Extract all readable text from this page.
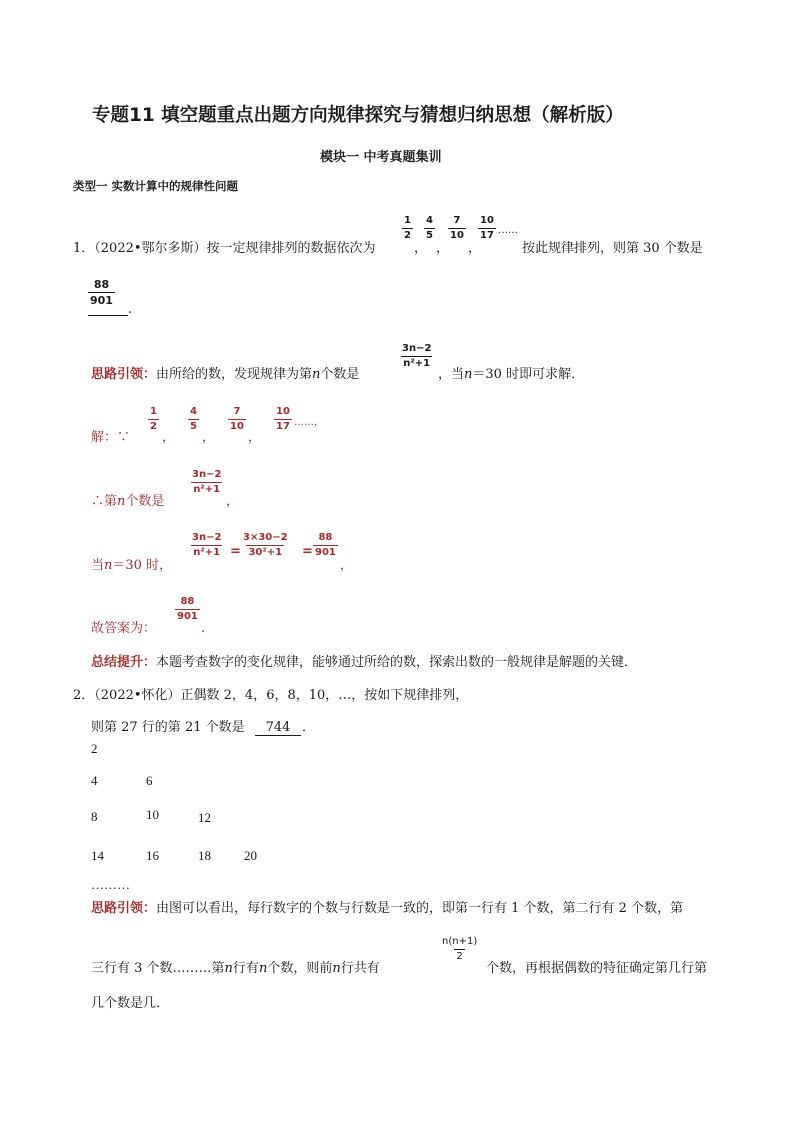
专题11 填空题重点出题方向规律探究与猜想归纳思想（解析版）
模块一 中考真题集训
类型一 实数计算中的规律性问题
1．（2022•鄂尔多斯）按一定规律排列的数据依次为
$\frac{1}{2}$
，
$\frac{4}{5}$
，
$\frac{7}{10}$
，
$\frac{10}{17}$ ……
按此规律排列，则第 30 个数是
$\frac{88}{901}$
.
思路引领：由所给的数，发现规律为第n个数是
$\frac{3n-2}{\text{n²+1}}$
，当n＝30 时即可求解．
解：∵
$\frac{1}{2}$
，
$\frac{4}{5}$
，
$\frac{7}{10}$
，
$\frac{10}{17}$ ……，
∴第n个数是
$\frac{3n-2}{\text{n²+1}}$
，
当n＝30 时，
$\frac{3n-2}{\text{n²+1}} = \frac{3\times 30-2}{\text{30²+1}} = \frac{88}{901}$
，
故答案为：
$\frac{88}{901}$
.
总结提升：本题考查数字的变化规律，能够通过所给的数，探索出数的一般规律是解题的关键．
2．（2022•怀化）正偶数 2，4，6，8，10，…，按如下规律排列，
则第 27 行的第 21 个数是	744 ．
2
4	6
8	10	12
14	16	18	20
………
思路引领：由图可以看出，每行数字的个数与行数是一致的，即第一行有 1 个数，第二行有 2 个数，第
三行有 3 个数………第n行有n个数，则前n行共有
$\frac{n(n+1)}{2}$
个数，再根据偶数的特征确定第几行第
几个数是几．
